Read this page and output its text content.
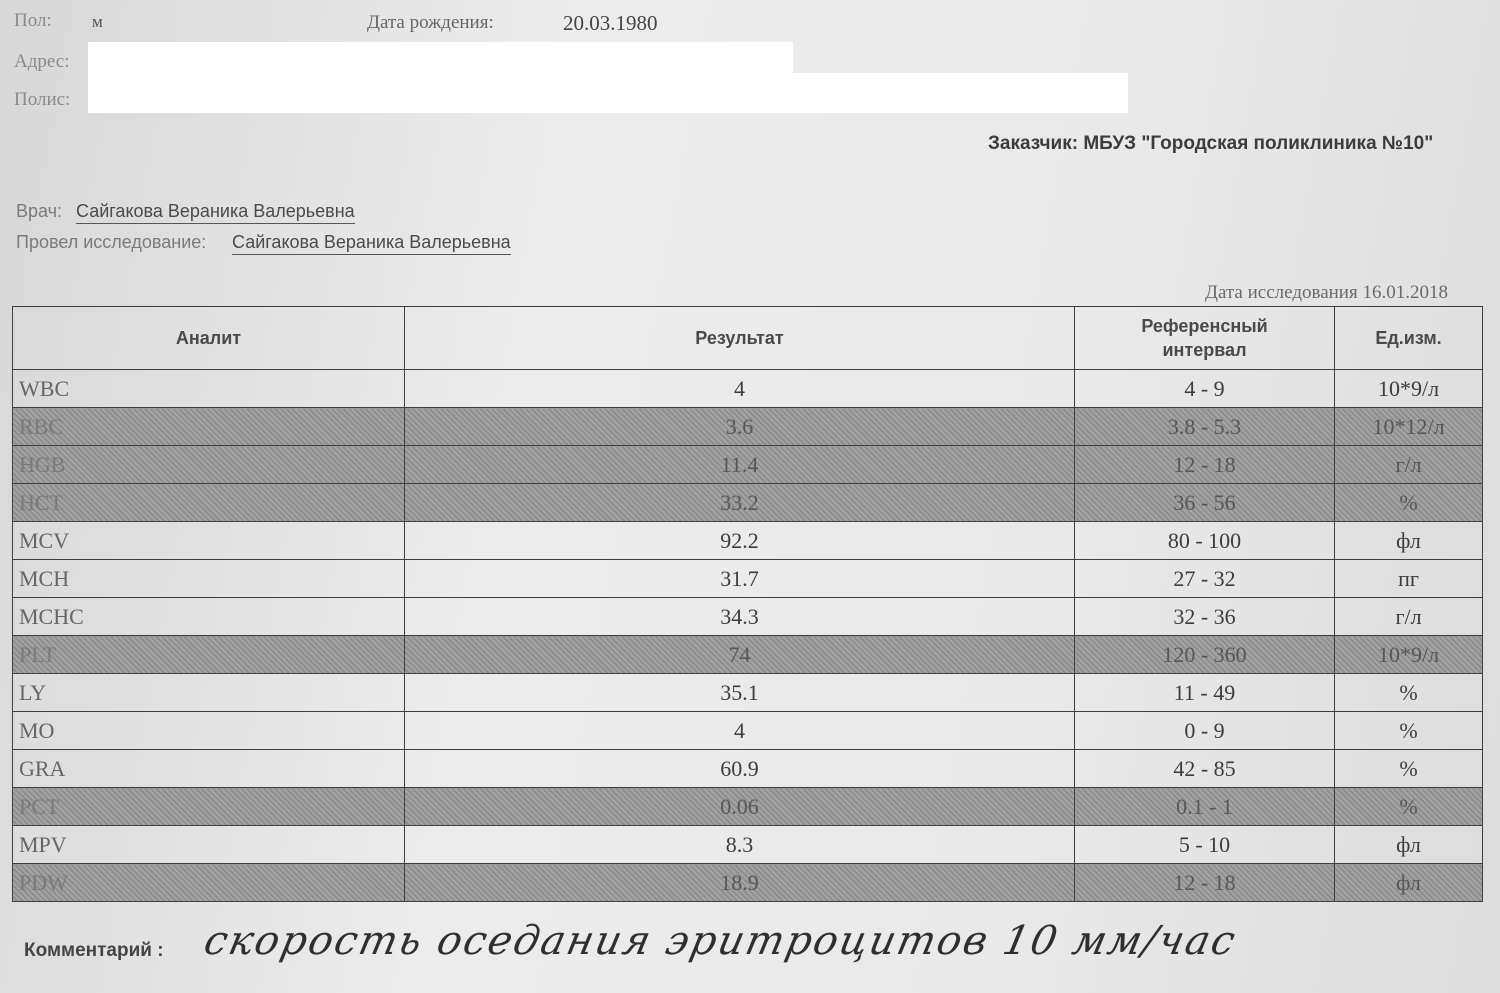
Пол: м	Дата рождения:	20.03.1980
Адрес:
Полис:
Заказчик: МБУЗ "Городская поликлиника №10"
Врач: Сайгакова Вераника Валерьевна
Провел исследование: Сайгакова Вераника Валерьевна
Дата исследования 16.01.2018
Аналит	Результат	Референсный интервал	Ед.изм.
WBC	4	4 - 9	10*9/л
RBC	3.6	3.8 - 5.3	10*12/л
HGB	11.4	12 - 18	г/л
HCT	33.2	36 - 56	%
MCV	92.2	80 - 100	фл
MCH	31.7	27 - 32	пг
MCHC	34.3	32 - 36	г/л
PLT	74	120 - 360	10*9/л
LY	35.1	11 - 49	%
MO	4	0 - 9	%
GRA	60.9	42 - 85	%
PCT	0.06	0.1 - 1	%
MPV	8.3	5 - 10	фл
PDW	18.9	12 - 18	фл
Комментарий : скорость оседания эритроцитов 10 мм/час
